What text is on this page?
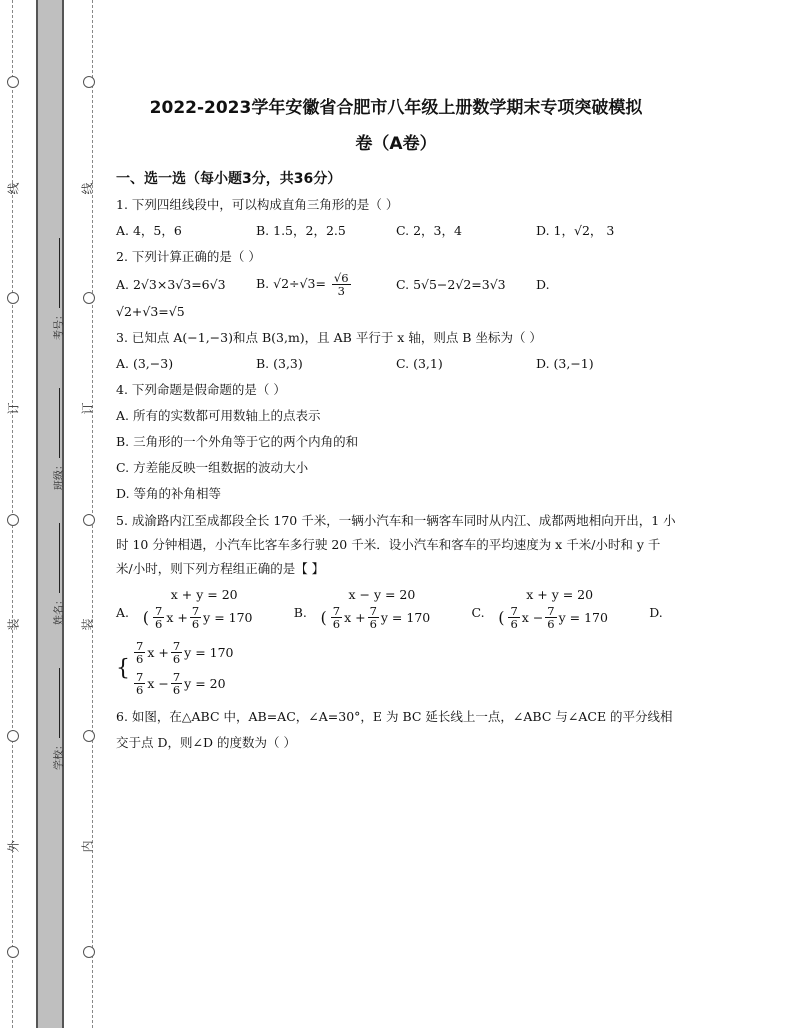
线
订
装
外
线
订
装
内
考号：
班级：
姓名：
学校：
2022-2023学年安徽省合肥市八年级上册数学期末专项突破模拟
卷（A卷）
一、选一选（每小题3分，共36分）
1. 下列四组线段中，可以构成直角三角形的是（ ）
A. 4，5，6	B. 1.5，2，2.5	C. 2，3，4	D. 1，√2， 3
2. 下列计算正确的是（ ）
A. 2√3×3√3=6√3	B. $√2\div√3= \frac{√6}{3}$	C. 5√5−2√2=3√3	D.
√2+√3=√5
3. 已知点 A(−1,−3)和点 B(3,m)，且 AB 平行于 x 轴，则点 B 坐标为（ ）
A. (3,−3)	B. (3,3)	C. (3,1)	D. (3,−1)
4. 下列命题是假命题的是（ ）
A. 所有的实数都可用数轴上的点表示
B. 三角形的一个外角等于它的两个内角的和
C. 方差能反映一组数据的波动大小
D. 等角的补角相等
5. 成渝路内江至成都段全长 170 千米，一辆小汽车和一辆客车同时从内江、成都两地相向开出，1 小时 10 分钟相遇，小汽车比客车多行驶 20 千米．设小汽车和客车的平均速度为 x 千米/小时和 y 千米/小时，则下列方程组正确的是【 】
A.
x + y = 20
( $\frac{7}{6}$ $x + \frac{7}{6}$ y = 170	B.
x − y = 20
( $\frac{7}{6}$ $x + \frac{7}{6}$ y = 170	C.
x + y = 20
( $\frac{7}{6}$ $x - \frac{7}{6}$ y = 170	D.
{
$\frac{7}{6}$ $x + \frac{7}{6}$ y = 170
$\frac{7}{6}$ $x - \frac{7}{6}$ y = 20
6. 如图，在△ABC 中，AB=AC，∠A=30°，E 为 BC 延长线上一点，∠ABC 与∠ACE 的平分线相交于点 D，则∠D 的度数为（ ）
